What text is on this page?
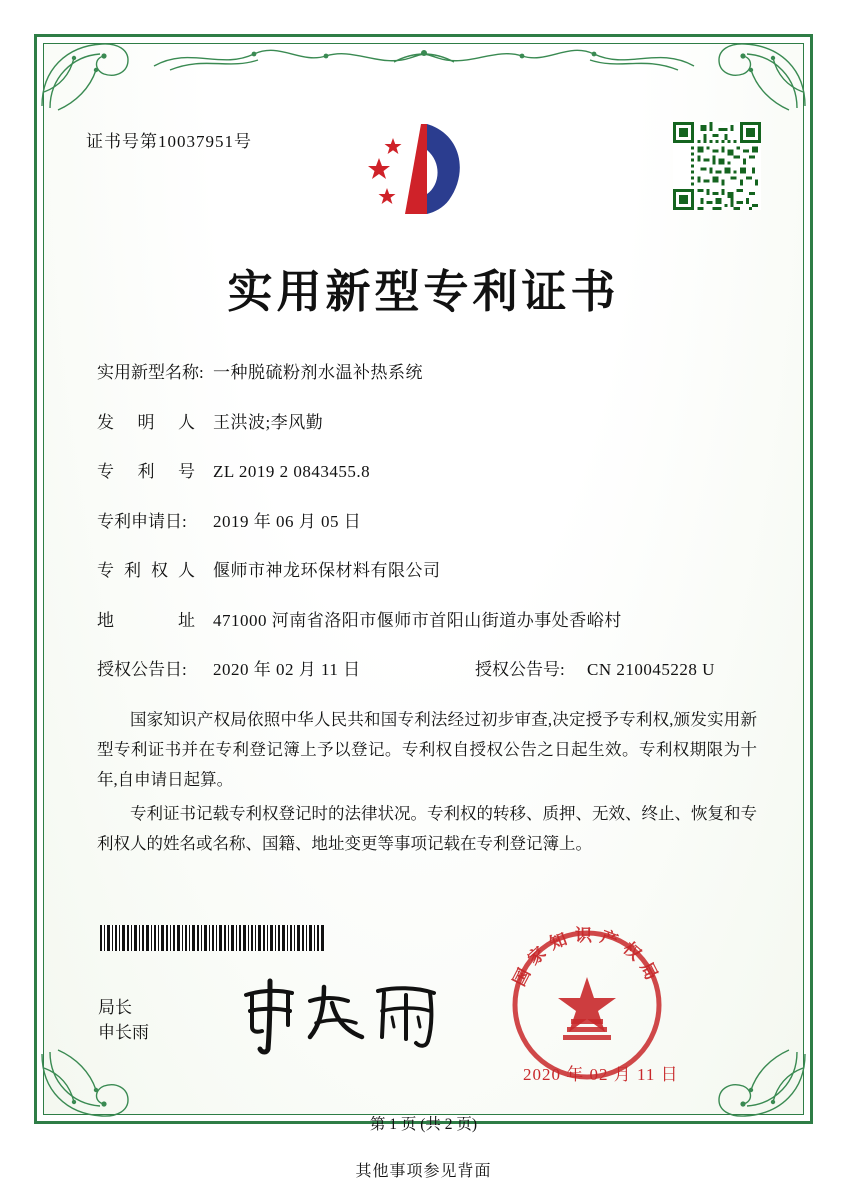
证书号第10037951号
实用新型专利证书
实用新型名称: 一种脱硫粉剂水温补热系统
发 明 人 王洪波;李风勤
专 利 号 ZL 2019 2 0843455.8
专利申请日:	2019 年 06 月 05 日
专 利 权 人 偃师市神龙环保材料有限公司
地	址 471000 河南省洛阳市偃师市首阳山街道办事处香峪村
授权公告日:	2020 年 02 月 11 日	授权公告号:	CN 210045228 U

国家知识产权局依照中华人民共和国专利法经过初步审查,决定授予专利权,颁发实用新型专利证书并在专利登记簿上予以登记。专利权自授权公告之日起生效。专利权期限为十年,自申请日起算。

专利证书记载专利权登记时的法律状况。专利权的转移、质押、无效、终止、恢复和专利权人的姓名或名称、国籍、地址变更等事项记载在专利登记簿上。

局长
申长雨
国家知识产权局
2020 年 02 月 11 日
第 1 页 (共 2 页)
其他事项参见背面
